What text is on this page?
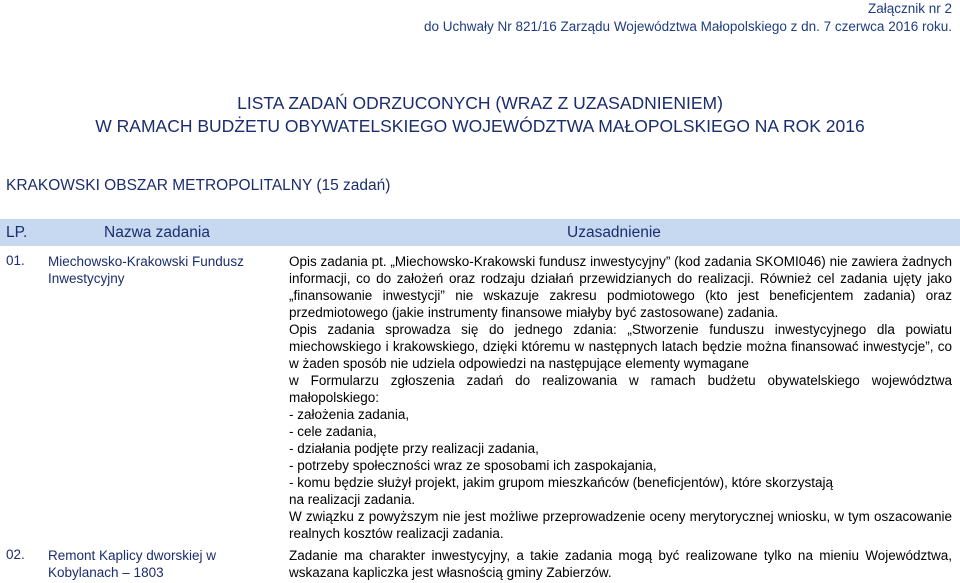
Załącznik nr 2
do Uchwały Nr 821/16 Zarządu Województwa Małopolskiego z dn. 7 czerwca 2016 roku.
LISTA ZADAŃ ODRZUCONYCH (WRAZ Z UZASADNIENIEM)
W RAMACH BUDŻETU OBYWATELSKIEGO WOJEWÓDZTWA MAŁOPOLSKIEGO NA ROK 2016
KRAKOWSKI OBSZAR METROPOLITALNY (15 zadań)
LP.	Nazwa zadania	Uzasadnienie
01. Miechowsko-Krakowski Fundusz Inwestycyjny

Opis zadania pt. „Miechowsko-Krakowski fundusz inwestycyjny” (kod zadania SKOMI046) nie zawiera żadnych informacji, co do założeń oraz rodzaju działań przewidzianych do realizacji. Również cel zadania ujęty jako „finansowanie inwestycji” nie wskazuje zakresu podmiotowego (kto jest beneficjentem zadania) oraz przedmiotowego (jakie instrumenty finansowe miałyby być zastosowane) zadania.

Opis zadania sprowadza się do jednego zdania: „Stworzenie funduszu inwestycyjnego dla powiatu miechowskiego i krakowskiego, dzięki któremu w następnych latach będzie można finansować inwestycje”, co w żaden sposób nie udziela odpowiedzi na następujące elementy wymagane

w Formularzu zgłoszenia zadań do realizowania w ramach budżetu obywatelskiego województwa małopolskiego:

- założenia zadania,
- cele zadania,
- działania podjęte przy realizacji zadania,
- potrzeby społeczności wraz ze sposobami ich zaspokajania,
- komu będzie służył projekt, jakim grupom mieszkańców (beneficjentów), które skorzystają
na realizacji zadania.

W związku z powyższym nie jest możliwe przeprowadzenie oceny merytorycznej wniosku, w tym oszacowanie realnych kosztów realizacji zadania.

02. Remont Kaplicy dworskiej w Kobylanach – 1803

Zadanie ma charakter inwestycyjny, a takie zadania mogą być realizowane tylko na mieniu Województwa, wskazana kapliczka jest własnością gminy Zabierzów.
